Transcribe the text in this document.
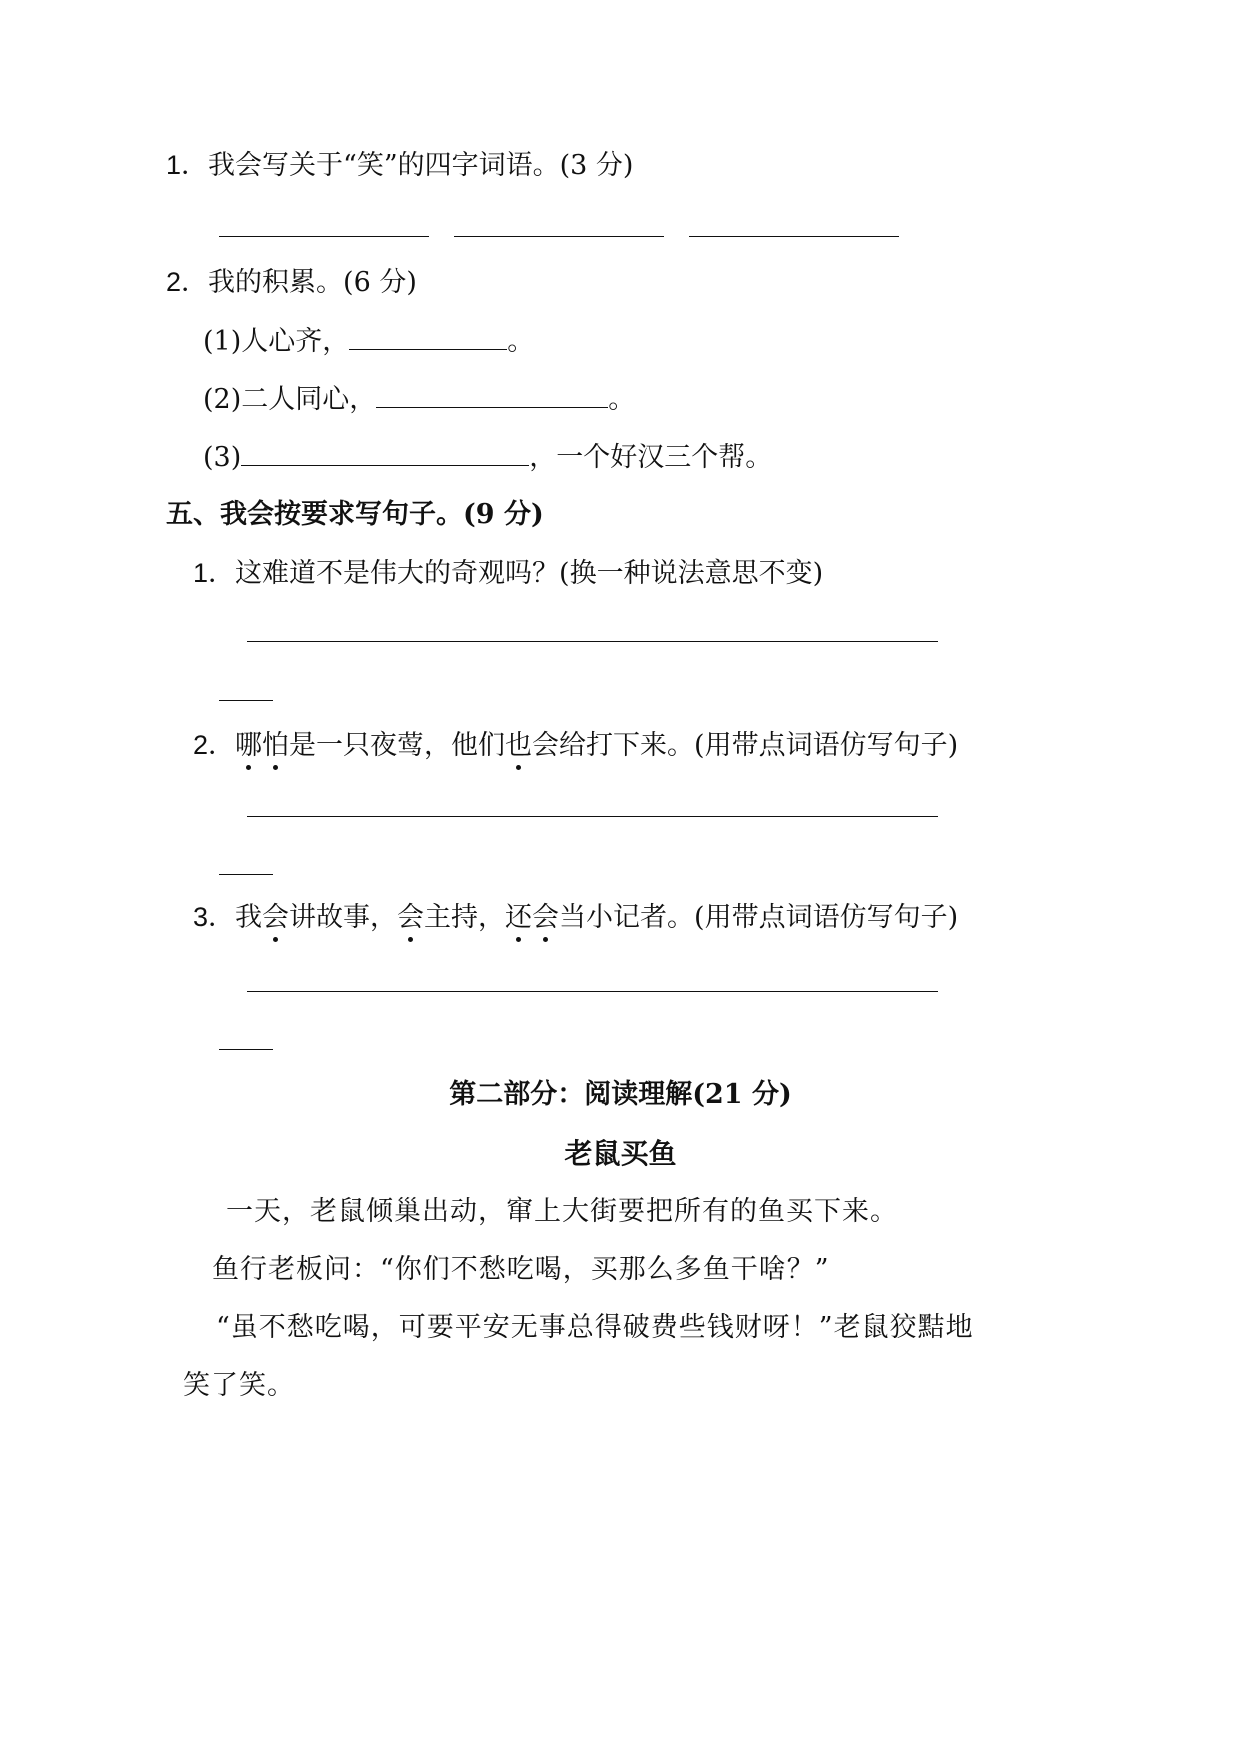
1．我会写关于“笑”的四字词语。(3 分)
2．我的积累。(6 分)
(1)人心齐，	。
(2)二人同心，	。
(3)	，一个好汉三个帮。
五、我会按要求写句子。(9 分)
1．这难道不是伟大的奇观吗？(换一种说法意思不变)
2．哪怕是一只夜莺，他们也会给打下来。(用带点词语仿写句子)
3．我会讲故事，会主持，还会当小记者。(用带点词语仿写句子)
第二部分：阅读理解(21 分)
老鼠买鱼
一天，老鼠倾巢出动，窜上大街要把所有的鱼买下来。
鱼行老板问：“你们不愁吃喝，买那么多鱼干啥？”
“虽不愁吃喝，可要平安无事总得破费些钱财呀！”老鼠狡黠地
笑了笑。
